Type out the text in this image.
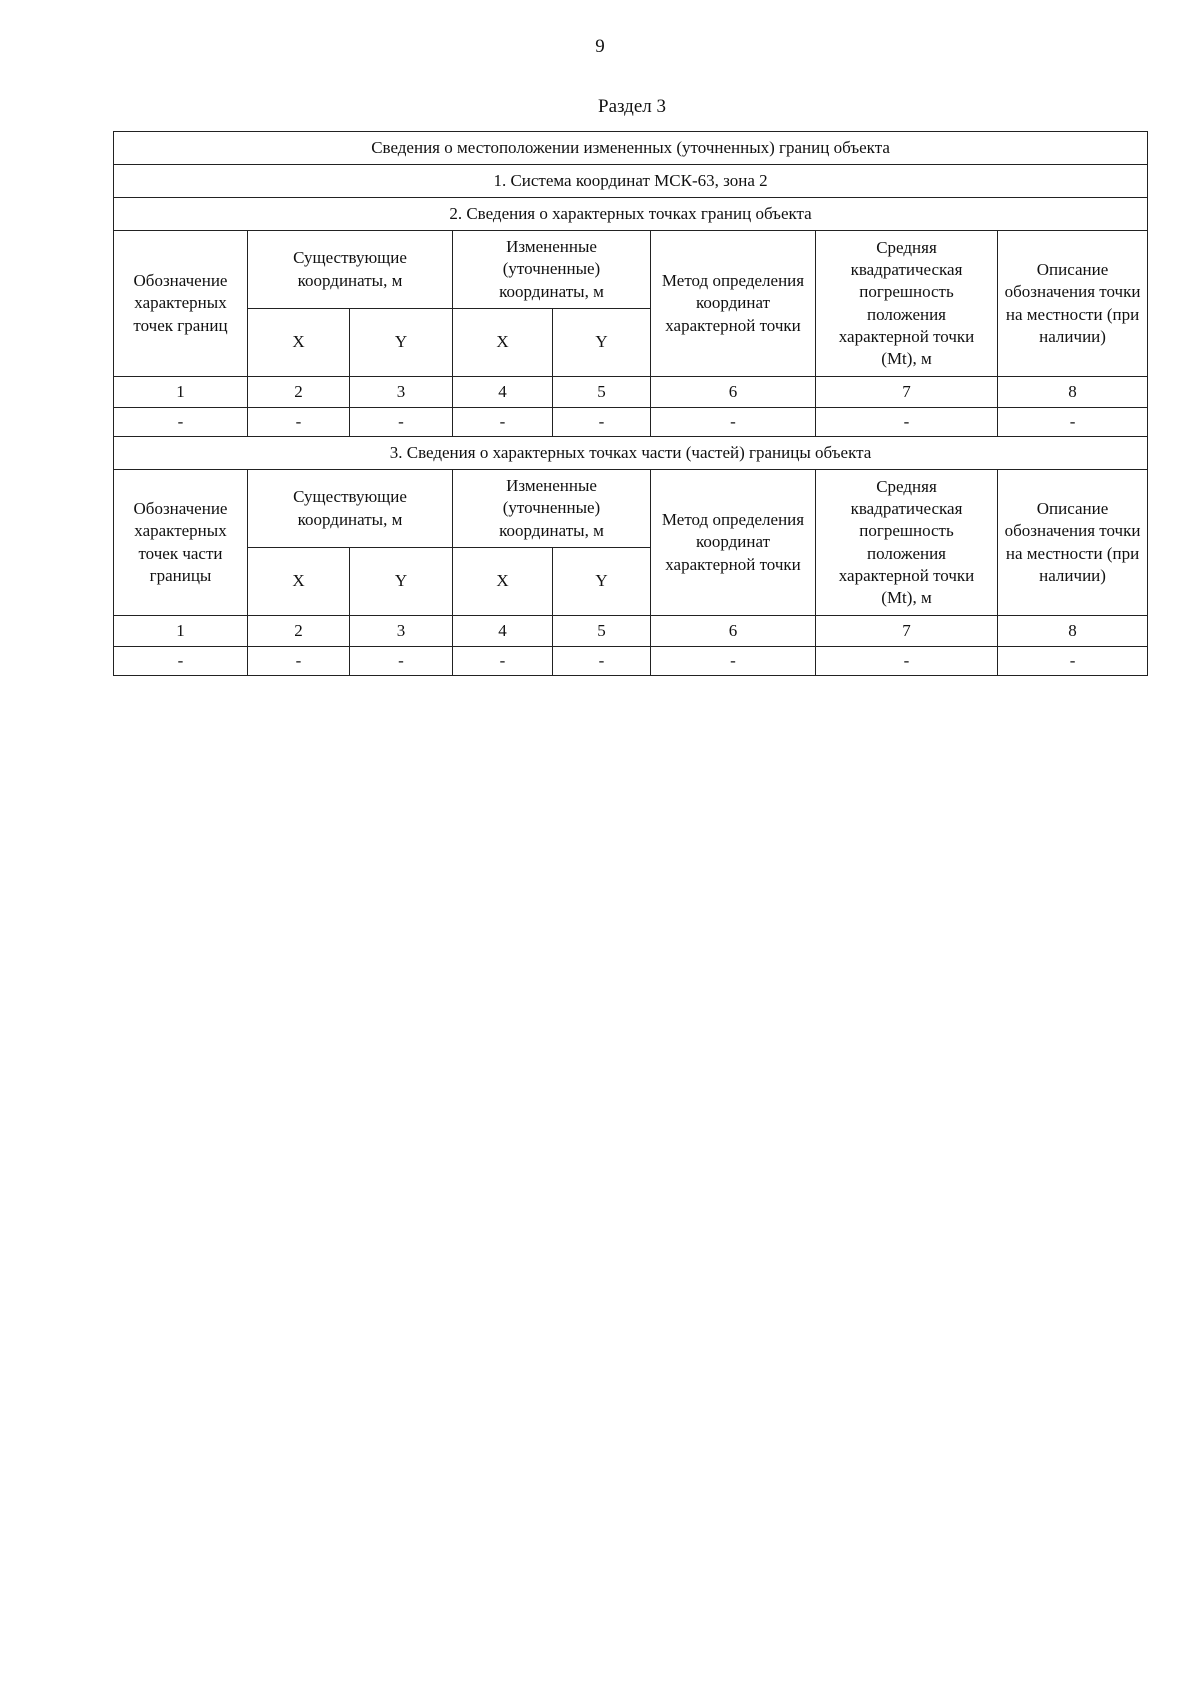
9
Раздел 3
Сведения о местоположении измененных (уточненных) границ объекта							
1. Система координат МСК-63, зона 2							
2. Сведения о характерных точках границ объекта							
Обозначение характерных точек границ	Существующие координаты, м		Измененные (уточненные) координаты, м		Метод определения координат характерной точки	Средняя квадратическая погрешность положения характерной точки (Mt), м	Описание обозначения точки на местности (при наличии)
	X	Y	X	Y			
1	2	3	4	5	6	7	8
-	-	-	-	-	-	-	-
3. Сведения о характерных точках части (частей) границы объекта							
Обозначение характерных точек части границы	Существующие координаты, м		Измененные (уточненные) координаты, м		Метод определения координат характерной точки	Средняя квадратическая погрешность положения характерной точки (Mt), м	Описание обозначения точки на местности (при наличии)
	X	Y	X	Y			
1	2	3	4	5	6	7	8
-	-	-	-	-	-	-	-
